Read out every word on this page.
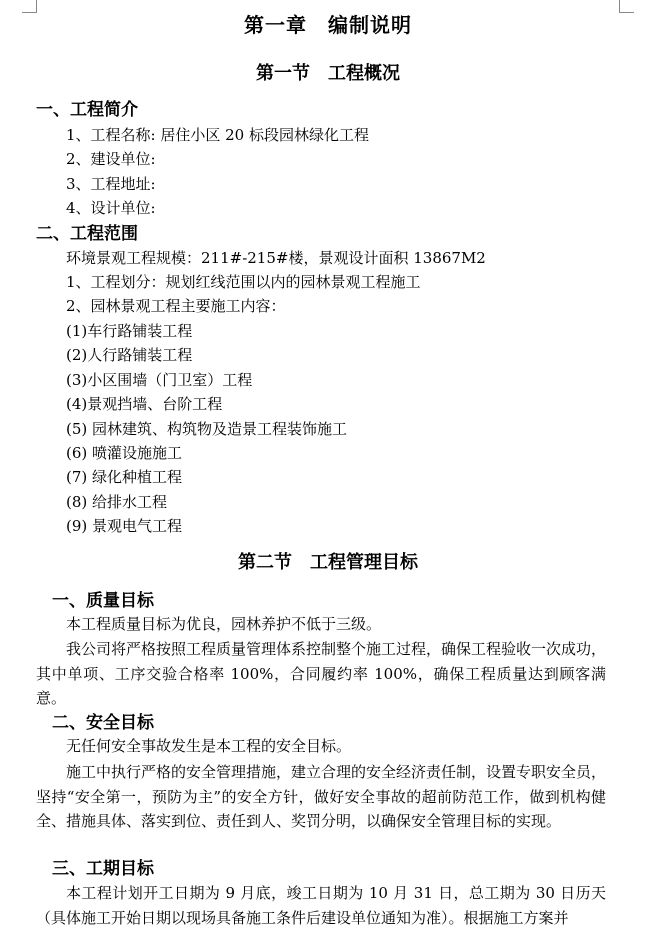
第一章　编制说明
第一节　工程概况
一、工程简介
1、工程名称: 居住小区 20 标段园林绿化工程
2、建设单位:
3、工程地址:
4、设计单位:
二、工程范围
环境景观工程规模：211#-215#楼，景观设计面积 13867M2
1、工程划分：规划红线范围以内的园林景观工程施工
2、园林景观工程主要施工内容：
(1)车行路铺装工程
(2)人行路铺装工程
(3)小区围墙（门卫室）工程
(4)景观挡墙、台阶工程
(5) 园林建筑、构筑物及造景工程装饰施工
(6) 喷灌设施施工
(7) 绿化种植工程
(8) 给排水工程
(9) 景观电气工程
第二节　工程管理目标
一、质量目标
本工程质量目标为优良，园林养护不低于三级。
我公司将严格按照工程质量管理体系控制整个施工过程，确保工程验收一次成功，其中单项、工序交验合格率 100%，合同履约率 100%，确保工程质量达到顾客满意。
二、安全目标
无任何安全事故发生是本工程的安全目标。
施工中执行严格的安全管理措施，建立合理的安全经济责任制，设置专职安全员，坚持“安全第一，预防为主”的安全方针，做好安全事故的超前防范工作，做到机构健全、措施具体、落实到位、责任到人、奖罚分明，以确保安全管理目标的实现。
三、工期目标
本工程计划开工日期为 9 月底，竣工日期为 10 月 31 日，总工期为 30 日历天（具体施工开始日期以现场具备施工条件后建设单位通知为准）。根据施工方案并
